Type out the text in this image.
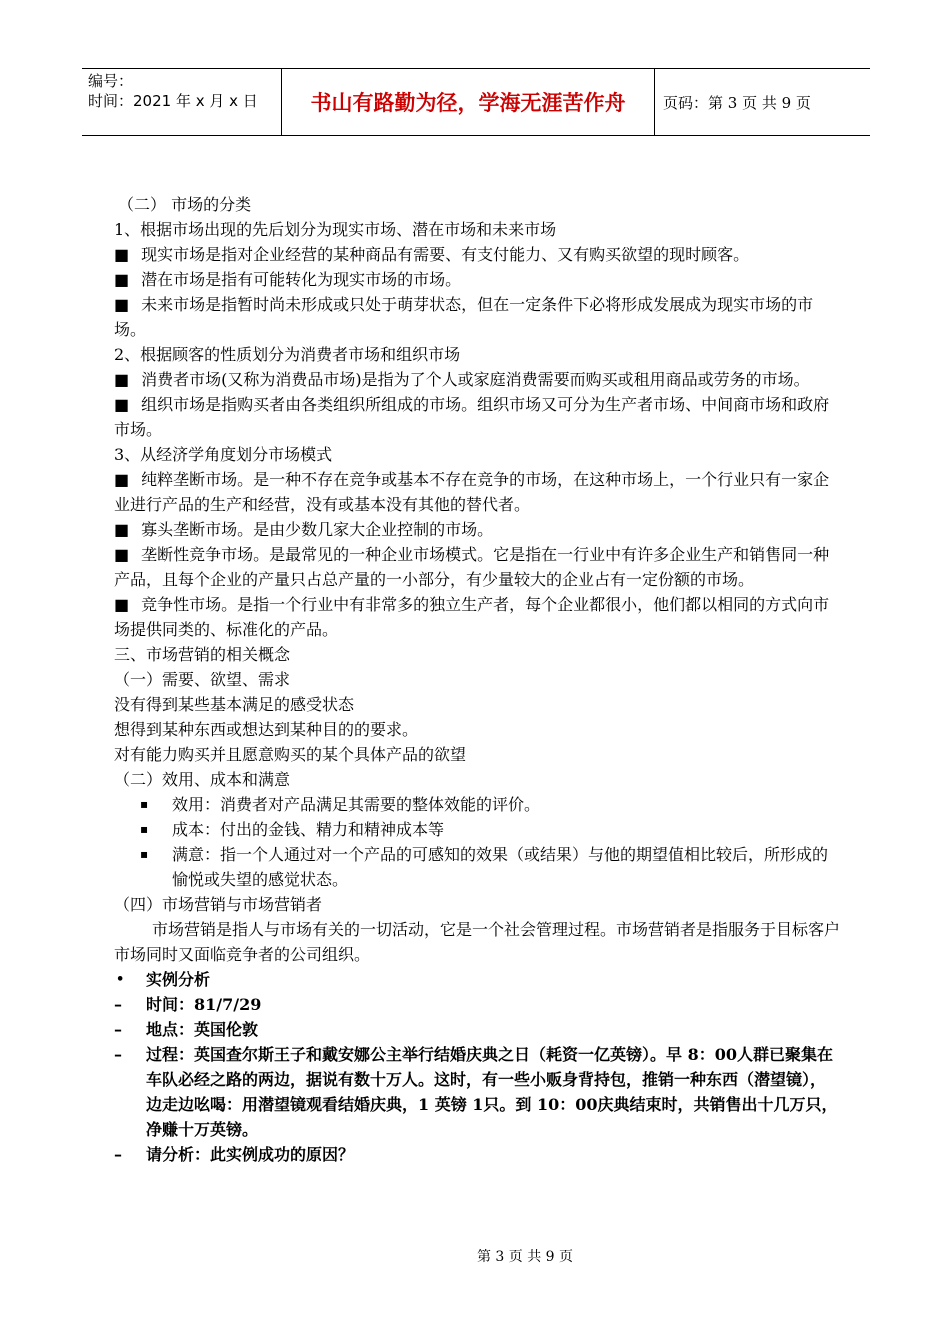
编号：
时间：2021 年 x 月 x 日	书山有路勤为径，学海无涯苦作舟	页码：第 3 页 共 9 页

（二） 市场的分类

1、根据市场出现的先后划分为现实市场、潜在市场和未来市场

■ 现实市场是指对企业经营的某种商品有需要、有支付能力、又有购买欲望的现时顾客。

■ 潜在市场是指有可能转化为现实市场的市场。

■ 未来市场是指暂时尚未形成或只处于萌芽状态，但在一定条件下必将形成发展成为现实市场的市场。

2、根据顾客的性质划分为消费者市场和组织市场

■ 消费者市场(又称为消费品市场)是指为了个人或家庭消费需要而购买或租用商品或劳务的市场。

■ 组织市场是指购买者由各类组织所组成的市场。组织市场又可分为生产者市场、中间商市场和政府市场。

3、从经济学角度划分市场模式

■ 纯粹垄断市场。是一种不存在竞争或基本不存在竞争的市场，在这种市场上，一个行业只有一家企业进行产品的生产和经营，没有或基本没有其他的替代者。

■ 寡头垄断市场。是由少数几家大企业控制的市场。

■ 垄断性竞争市场。是最常见的一种企业市场模式。它是指在一行业中有许多企业生产和销售同一种产品，且每个企业的产量只占总产量的一小部分，有少量较大的企业占有一定份额的市场。

■ 竞争性市场。是指一个行业中有非常多的独立生产者，每个企业都很小，他们都以相同的方式向市场提供同类的、标准化的产品。

三、市场营销的相关概念

（一）需要、欲望、需求

没有得到某些基本满足的感受状态

想得到某种东西或想达到某种目的的要求。

对有能力购买并且愿意购买的某个具体产品的欲望

（二）效用、成本和满意

▪	效用：消费者对产品满足其需要的整体效能的评价。
▪	成本：付出的金钱、精力和精神成本等
▪	满意：指一个人通过对一个产品的可感知的效果（或结果）与他的期望值相比较后，所形成的愉悦或失望的感觉状态。

（四）市场营销与市场营销者

市场营销是指人与市场有关的一切活动，它是一个社会管理过程。市场营销者是指服务于目标客户市场同时又面临竞争者的公司组织。

• 实例分析
– 时间：81/7/29
– 地点：英国伦敦
– 过程：英国查尔斯王子和戴安娜公主举行结婚庆典之日（耗资一亿英镑）。早 8：00人群已聚集在车队必经之路的两边，据说有数十万人。这时，有一些小贩身背持包，推销一种东西（潜望镜），边走边吆喝：用潜望镜观看结婚庆典，1 英镑 1只。到 10：00庆典结束时，共销售出十几万只，净赚十万英镑。
– 请分析：此实例成功的原因？
第 3 页 共 9 页
